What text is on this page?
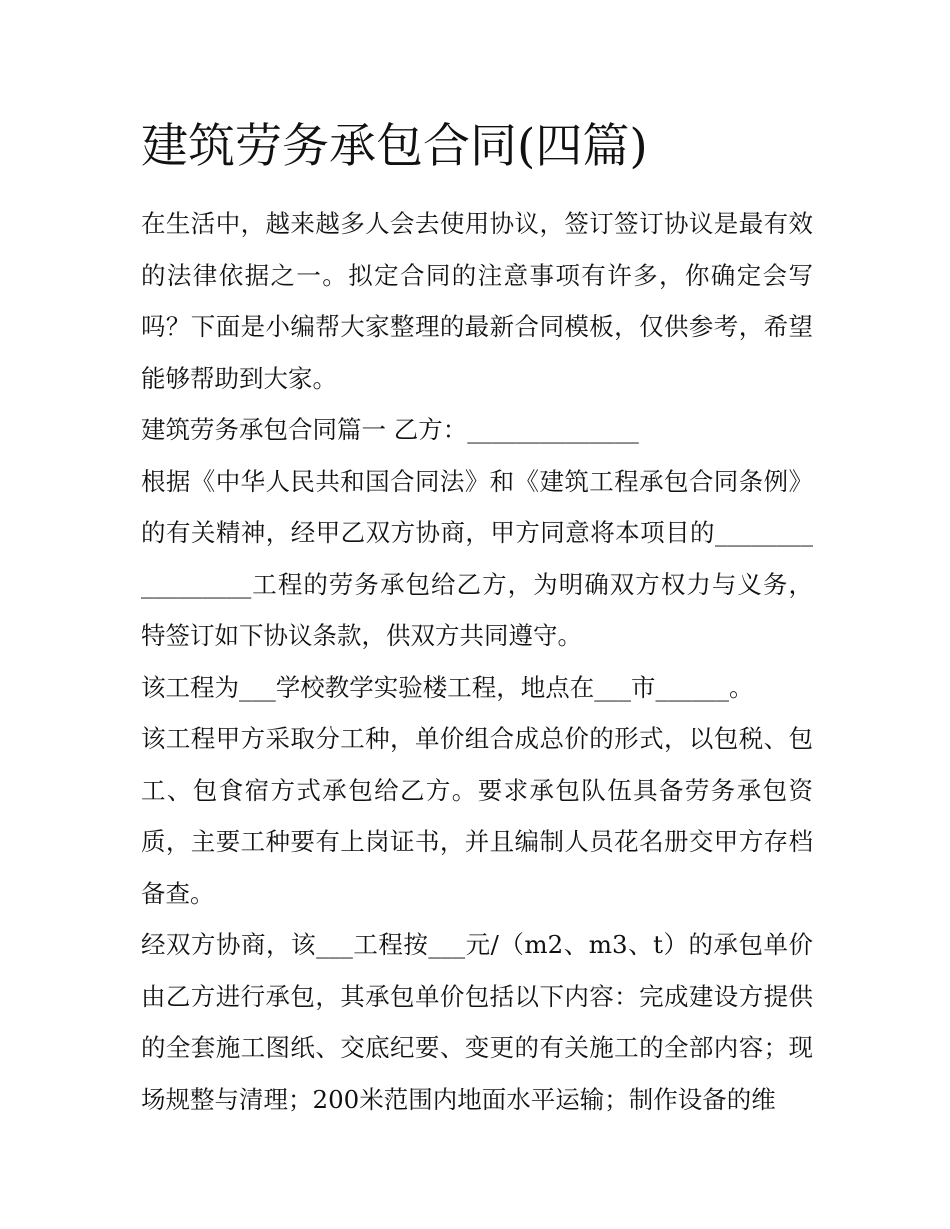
建筑劳务承包合同(四篇)

在生活中，越来越多人会去使用协议，签订签订协议是最有效的法律依据之一。拟定合同的注意事项有许多，你确定会写吗？下面是小编帮大家整理的最新合同模板，仅供参考，希望能够帮助到大家。

建筑劳务承包合同篇一 乙方：______________

根据《中华人民共和国合同法》和《建筑工程承包合同条例》的有关精神，经甲乙双方协商，甲方同意将本项目的_________________工程的劳务承包给乙方，为明确双方权力与义务，特签订如下协议条款，供双方共同遵守。

该工程为___学校教学实验楼工程，地点在___市______。

该工程甲方采取分工种，单价组合成总价的形式，以包税、包工、包食宿方式承包给乙方。要求承包队伍具备劳务承包资质，主要工种要有上岗证书，并且编制人员花名册交甲方存档备查。

经双方协商，该___工程按___元/（m2、m3、t）的承包单价由乙方进行承包，其承包单价包括以下内容：完成建设方提供的全套施工图纸、交底纪要、变更的有关施工的全部内容；现场规整与清理；200米范围内地面水平运输；制作设备的维
